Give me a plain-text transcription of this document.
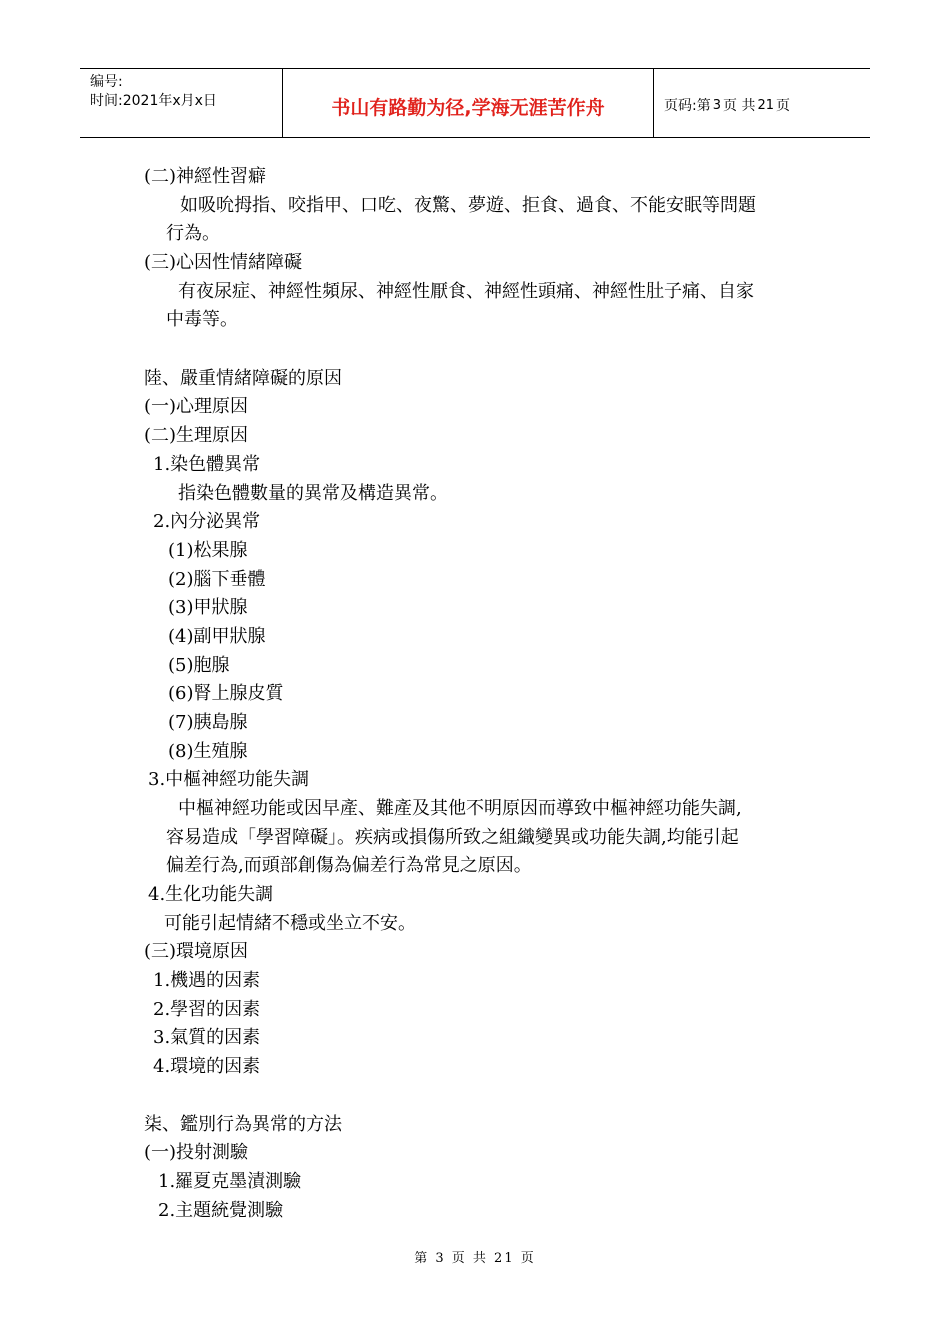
编号:
时间:2021年x月x日	书山有路勤为径,学海无涯苦作舟	页码:第 3 页 共 21 页
(二)神經性習癖
如吸吮拇指、咬指甲、口吃、夜驚、夢遊、拒食、過食、不能安眠等問題
行為。
(三)心因性情緒障礙
有夜尿症、神經性頻尿、神經性厭食、神經性頭痛、神經性肚子痛、自家
中毒等。
陸、嚴重情緒障礙的原因
(一)心理原因
(二)生理原因
1.染色體異常
指染色體數量的異常及構造異常。
2.內分泌異常
(1)松果腺
(2)腦下垂體
(3)甲狀腺
(4)副甲狀腺
(5)胞腺
(6)腎上腺皮質
(7)胰島腺
(8)生殖腺
3.中樞神經功能失調
中樞神經功能或因早產、難產及其他不明原因而導致中樞神經功能失調,
容易造成「學習障礙」。疾病或損傷所致之組織變異或功能失調,均能引起
偏差行為,而頭部創傷為偏差行為常見之原因。
4.生化功能失調
可能引起情緒不穩或坐立不安。
(三)環境原因
1.機遇的因素
2.學習的因素
3.氣質的因素
4.環境的因素
柒、鑑別行為異常的方法
(一)投射測驗
1.羅夏克墨漬測驗
2.主題統覺測驗
第 3 页 共 21 页
